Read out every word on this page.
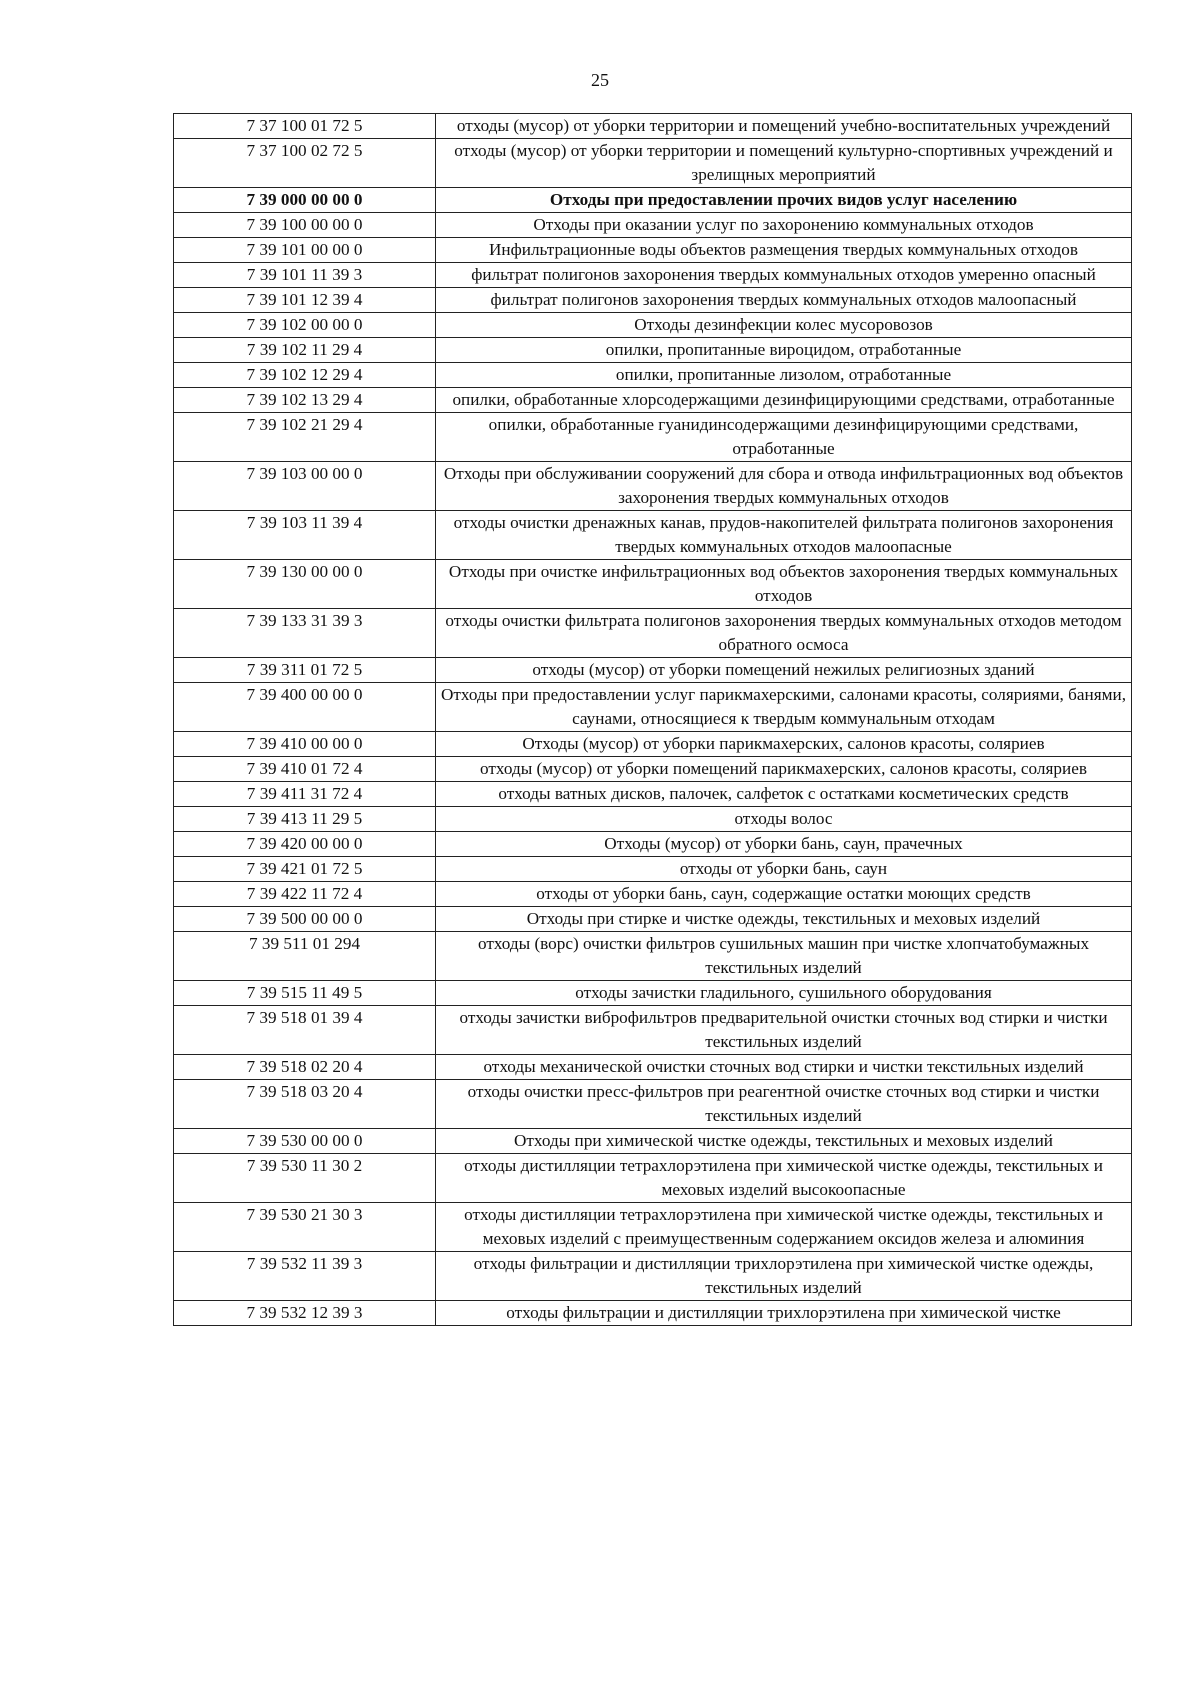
25
7 37 100 01 72 5	отходы (мусор) от уборки территории и помещений учебно-воспитательных учреждений
7 37 100 02 72 5	отходы (мусор) от уборки территории и помещений культурно-спортивных учреждений и зрелищных мероприятий
7 39 000 00 00 0	Отходы при предоставлении прочих видов услуг населению
7 39 100 00 00 0	Отходы при оказании услуг по захоронению коммунальных отходов
7 39 101 00 00 0	Инфильтрационные воды объектов размещения твердых коммунальных отходов
7 39 101 11 39 3	фильтрат полигонов захоронения твердых коммунальных отходов умеренно опасный
7 39 101 12 39 4	фильтрат полигонов захоронения твердых коммунальных отходов малоопасный
7 39 102 00 00 0	Отходы дезинфекции колес мусоровозов
7 39 102 11 29 4	опилки, пропитанные вироцидом, отработанные
7 39 102 12 29 4	опилки, пропитанные лизолом, отработанные
7 39 102 13 29 4	опилки, обработанные хлорсодержащими дезинфицирующими средствами, отработанные
7 39 102 21 29 4	опилки, обработанные гуанидинсодержащими дезинфицирующими средствами, отработанные
7 39 103 00 00 0	Отходы при обслуживании сооружений для сбора и отвода инфильтрационных вод объектов захоронения твердых коммунальных отходов
7 39 103 11 39 4	отходы очистки дренажных канав, прудов-накопителей фильтрата полигонов захоронения твердых коммунальных отходов малоопасные
7 39 130 00 00 0	Отходы при очистке инфильтрационных вод объектов захоронения твердых коммунальных отходов
7 39 133 31 39 3	отходы очистки фильтрата полигонов захоронения твердых коммунальных отходов методом обратного осмоса
7 39 311 01 72 5	отходы (мусор) от уборки помещений нежилых религиозных зданий
7 39 400 00 00 0	Отходы при предоставлении услуг парикмахерскими, салонами красоты, соляриями, банями, саунами, относящиеся к твердым коммунальным отходам
7 39 410 00 00 0	Отходы (мусор) от уборки парикмахерских, салонов красоты, соляриев
7 39 410 01 72 4	отходы (мусор) от уборки помещений парикмахерских, салонов красоты, соляриев
7 39 411 31 72 4	отходы ватных дисков, палочек, салфеток с остатками косметических средств
7 39 413 11 29 5	отходы волос
7 39 420 00 00 0	Отходы (мусор) от уборки бань, саун, прачечных
7 39 421 01 72 5	отходы от уборки бань, саун
7 39 422 11 72 4	отходы от уборки бань, саун, содержащие остатки моющих средств
7 39 500 00 00 0	Отходы при стирке и чистке одежды, текстильных и меховых изделий
7 39 511 01 294	отходы (ворс) очистки фильтров сушильных машин при чистке хлопчатобумажных текстильных изделий
7 39 515 11 49 5	отходы зачистки гладильного, сушильного оборудования
7 39 518 01 39 4	отходы зачистки виброфильтров предварительной очистки сточных вод стирки и чистки текстильных изделий
7 39 518 02 20 4	отходы механической очистки сточных вод стирки и чистки текстильных изделий
7 39 518 03 20 4	отходы очистки пресс-фильтров при реагентной очистке сточных вод стирки и чистки текстильных изделий
7 39 530 00 00 0	Отходы при химической чистке одежды, текстильных и меховых изделий
7 39 530 11 30 2	отходы дистилляции тетрахлорэтилена при химической чистке одежды, текстильных и меховых изделий высокоопасные
7 39 530 21 30 3	отходы дистилляции тетрахлорэтилена при химической чистке одежды, текстильных и меховых изделий с преимущественным содержанием оксидов железа и алюминия
7 39 532 11 39 3	отходы фильтрации и дистилляции трихлорэтилена при химической чистке одежды, текстильных изделий
7 39 532 12 39 3	отходы фильтрации и дистилляции трихлорэтилена при химической чистке
